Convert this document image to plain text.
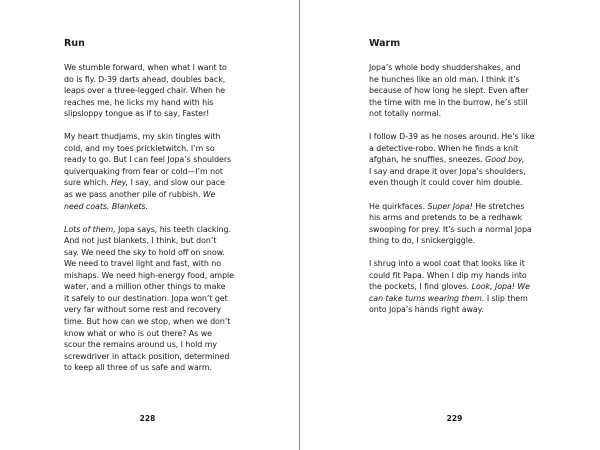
Run

We stumble forward, when what I want to
do is fly. D-39 darts ahead, doubles back,
leaps over a three-legged chair. When he
reaches me, he licks my hand with his
slipsloppy tongue as if to say, Faster!

My heart thudjams, my skin tingles with
cold, and my toes prickletwitch. I’m so
ready to go. But I can feel Jopa’s shoulders
quiverquaking from fear or cold—I’m not
sure which. Hey, I say, and slow our pace
as we pass another pile of rubbish. We
need coats. Blankets.

Lots of them, Jopa says, his teeth clacking.
And not just blankets, I think, but don’t
say. We need the sky to hold off on snow.
We need to travel light and fast, with no
mishaps. We need high-energy food, ample
water, and a million other things to make
it safely to our destination. Jopa won’t get
very far without some rest and recovery
time. But how can we stop, when we don’t
know what or who is out there? As we
scour the remains around us, I hold my
screwdriver in attack position, determined
to keep all three of us safe and warm.

228
Warm

Jopa’s whole body shuddershakes, and
he hunches like an old man. I think it’s
because of how long he slept. Even after
the time with me in the burrow, he’s still
not totally normal.

I follow D-39 as he noses around. He’s like
a detective-robo. When he finds a knit
afghan, he snuffles, sneezes. Good boy,
I say and drape it over Jopa’s shoulders,
even though it could cover him double.

He quirkfaces. Super Jopa! He stretches
his arms and pretends to be a redhawk
swooping for prey. It’s such a normal Jopa
thing to do, I snickergiggle.

I shrug into a wool coat that looks like it
could fit Papa. When I dip my hands into
the pockets, I find gloves. Look, Jopa! We
can take turns wearing them. I slip them
onto Jopa’s hands right away.

229
